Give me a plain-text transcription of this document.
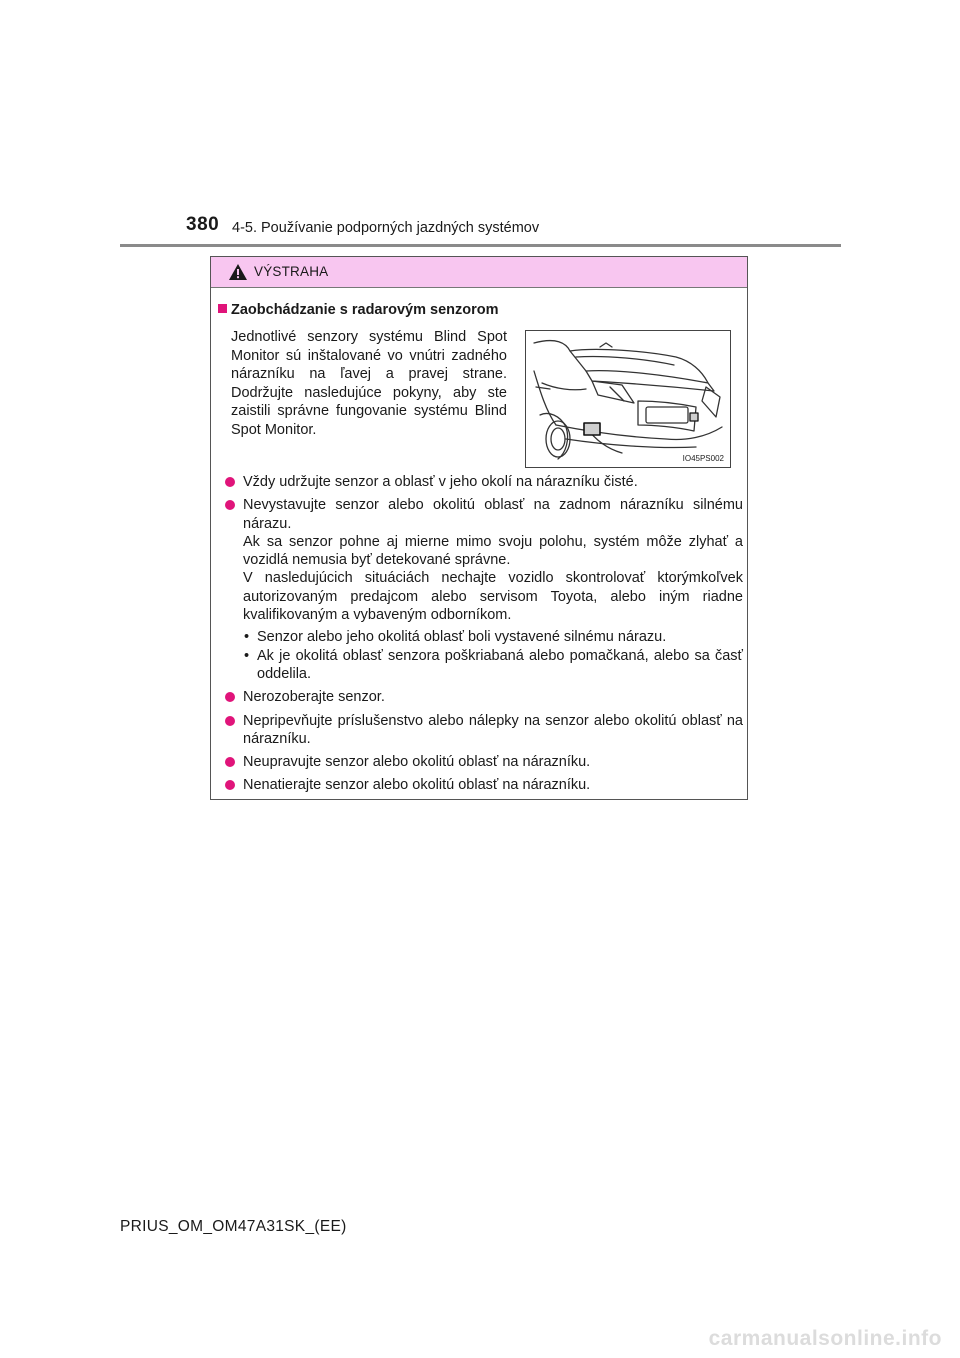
380 4-5. Používanie podporných jazdných systémov
VÝSTRAHA
Zaobchádzanie s radarovým senzorom
Jednotlivé senzory systému Blind Spot Monitor sú inštalované vo vnútri zadného nárazníku na ľavej a pravej strane. Dodržujte nasledujúce pokyny, aby ste zaistili správne fungovanie systému Blind Spot Monitor.
IO45PS002

Vždy udržujte senzor a oblasť v jeho okolí na nárazníku čisté.

Nevystavujte senzor alebo okolitú oblasť na zadnom nárazníku silnému nárazu.

Ak sa senzor pohne aj mierne mimo svoju polohu, systém môže zlyhať a vozidlá nemusia byť detekované správne.

V nasledujúcich situáciách nechajte vozidlo skontrolovať ktorýmkoľvek autorizovaným predajcom alebo servisom Toyota, alebo iným riadne kvalifikovaným a vybaveným odborníkom.

• Senzor alebo jeho okolitá oblasť boli vystavené silnému nárazu.
• Ak je okolitá oblasť senzora poškriabaná alebo pomačkaná, alebo sa časť oddelila.

Nerozoberajte senzor.

Nepripevňujte príslušenstvo alebo nálepky na senzor alebo okolitú oblasť na nárazníku.

Neupravujte senzor alebo okolitú oblasť na nárazníku.

Nenatierajte senzor alebo okolitú oblasť na nárazníku.

PRIUS_OM_OM47A31SK_(EE)
carmanualsonline.info
